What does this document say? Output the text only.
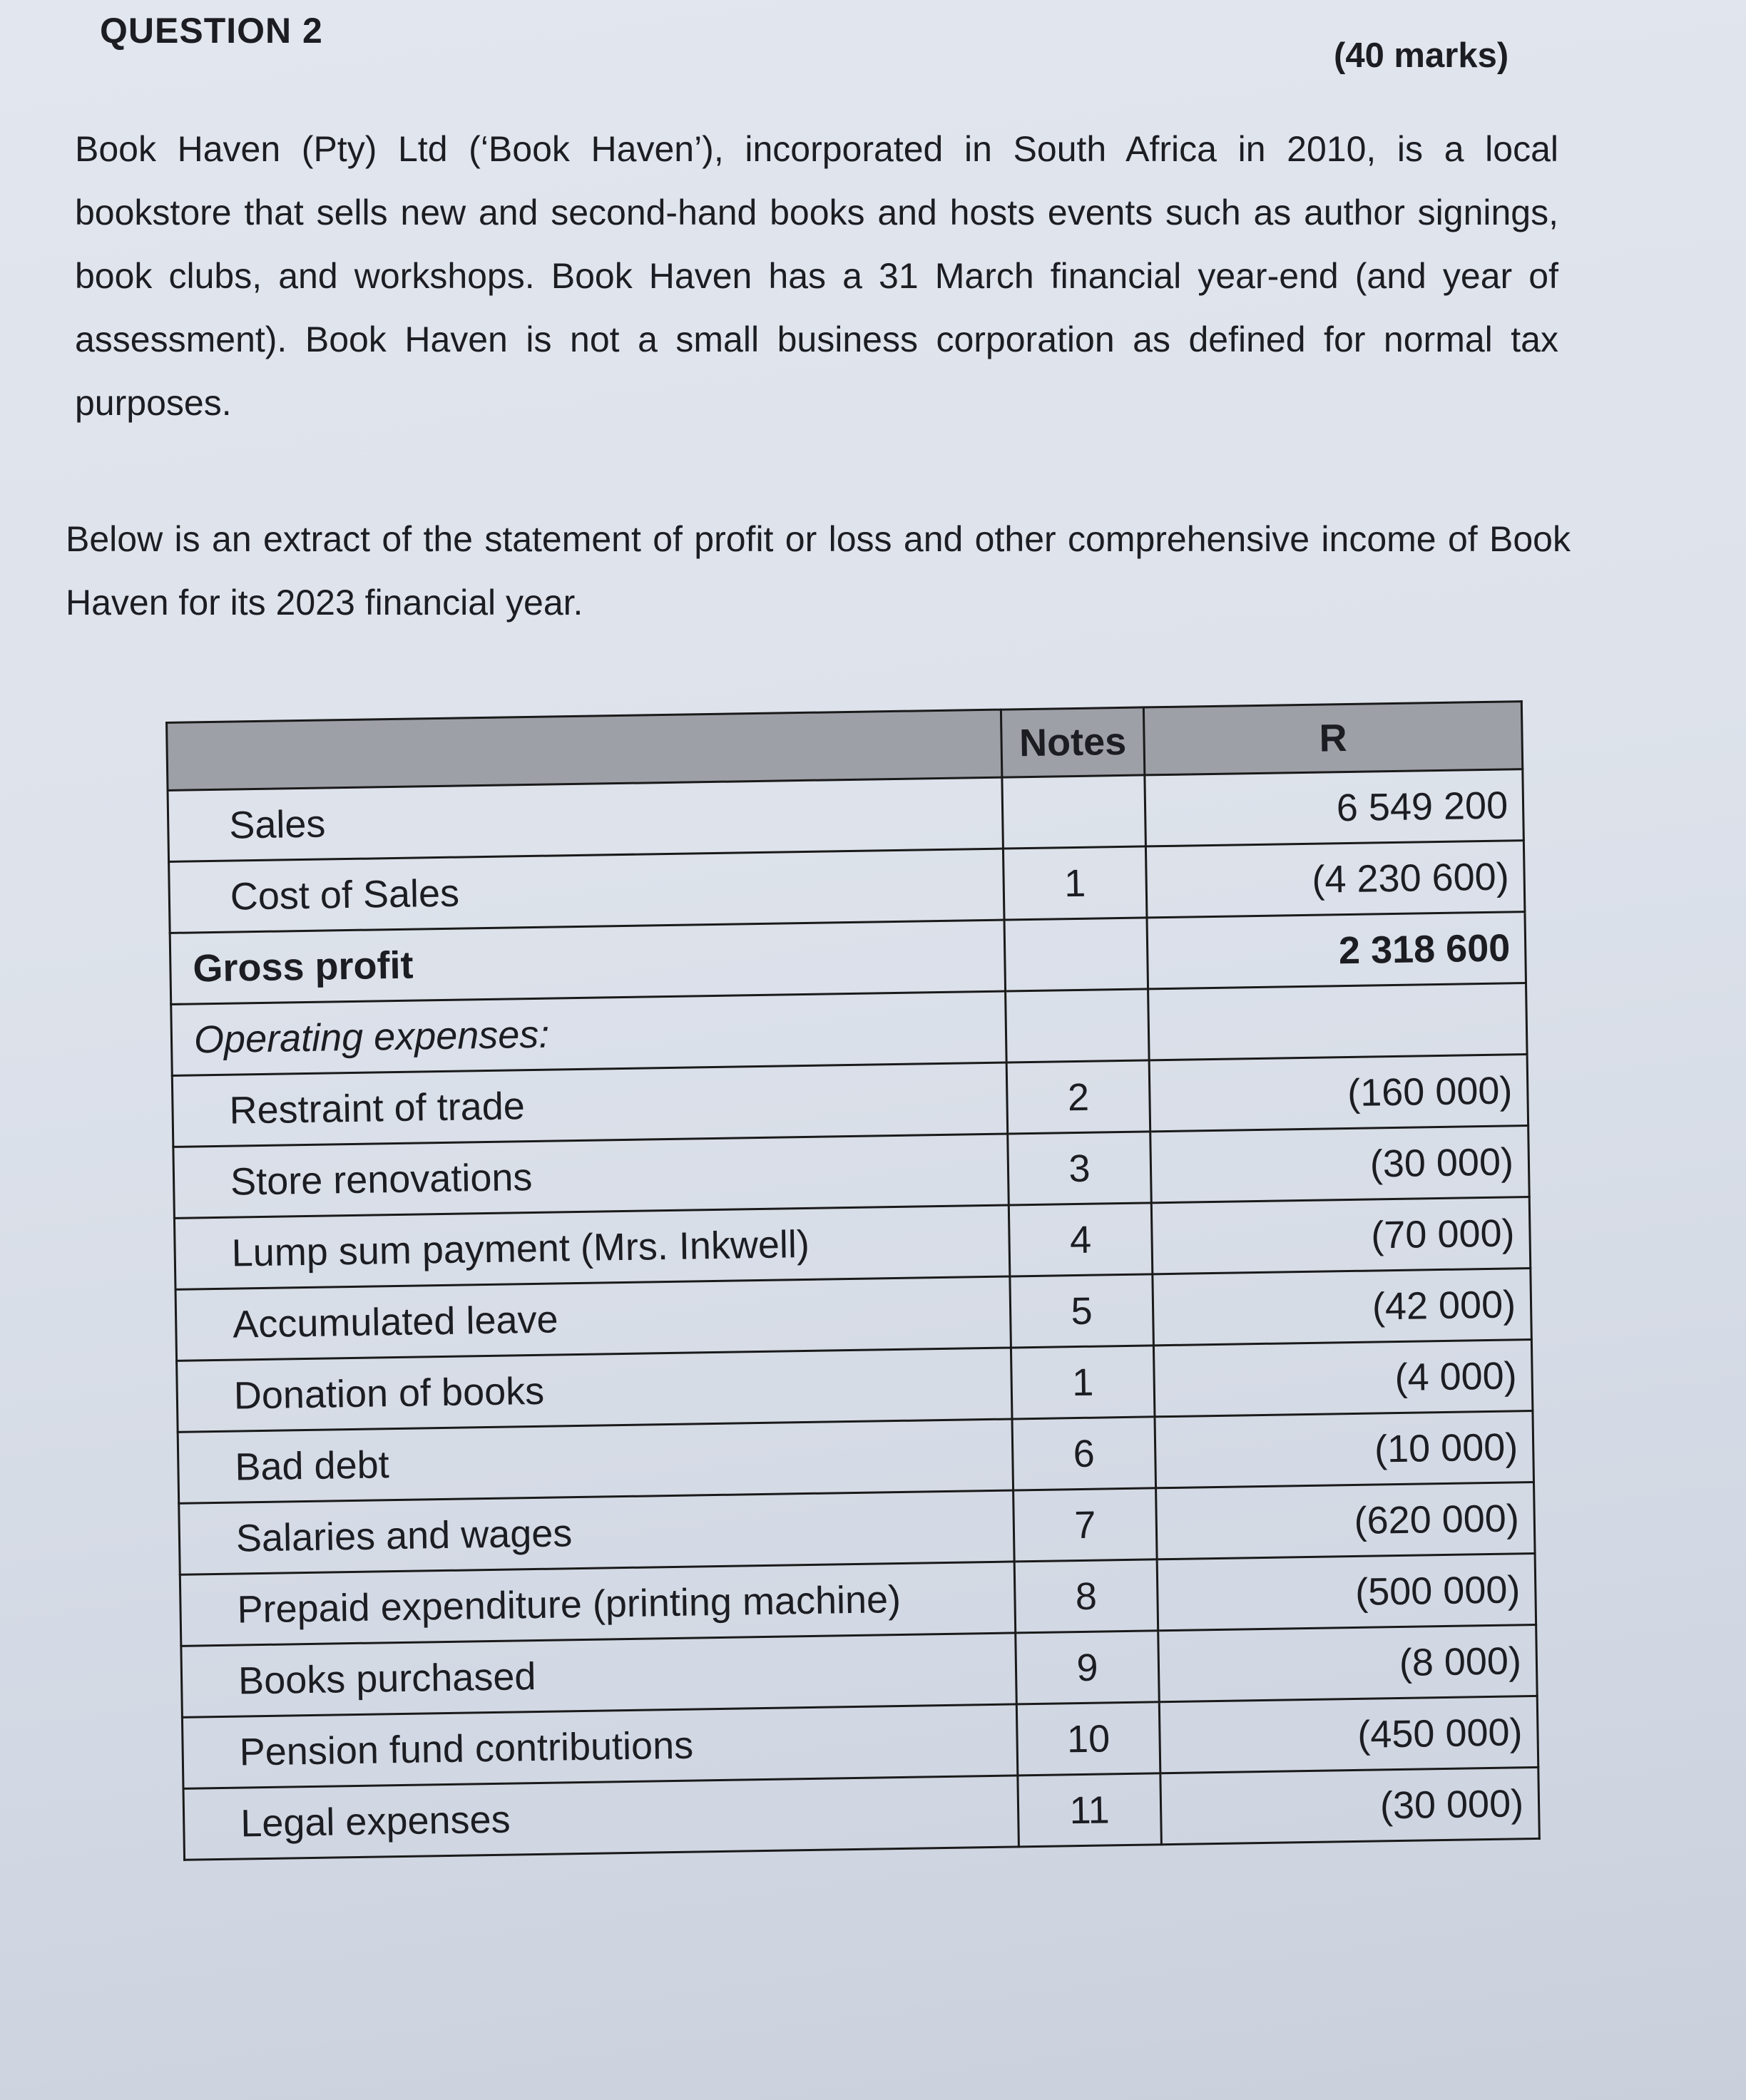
QUESTION 2
(40 marks)

Book Haven (Pty) Ltd (‘Book Haven’), incorporated in South Africa in 2010, is a local bookstore that sells new and second-hand books and hosts events such as author signings, book clubs, and workshops. Book Haven has a 31 March financial year-end (and year of assessment). Book Haven is not a small business corporation as defined for normal tax purposes.

Below is an extract of the statement of profit or loss and other comprehensive income of Book Haven for its 2023 financial year.

	Notes	R
Sales		6 549 200
Cost of Sales	1	(4 230 600)
Gross profit		2 318 600
Operating expenses:		
Restraint of trade	2	(160 000)
Store renovations	3	(30 000)
Lump sum payment (Mrs. Inkwell)	4	(70 000)
Accumulated leave	5	(42 000)
Donation of books	1	(4 000)
Bad debt	6	(10 000)
Salaries and wages	7	(620 000)
Prepaid expenditure (printing machine)	8	(500 000)
Books purchased	9	(8 000)
Pension fund contributions	10	(450 000)
Legal expenses	11	(30 000)
